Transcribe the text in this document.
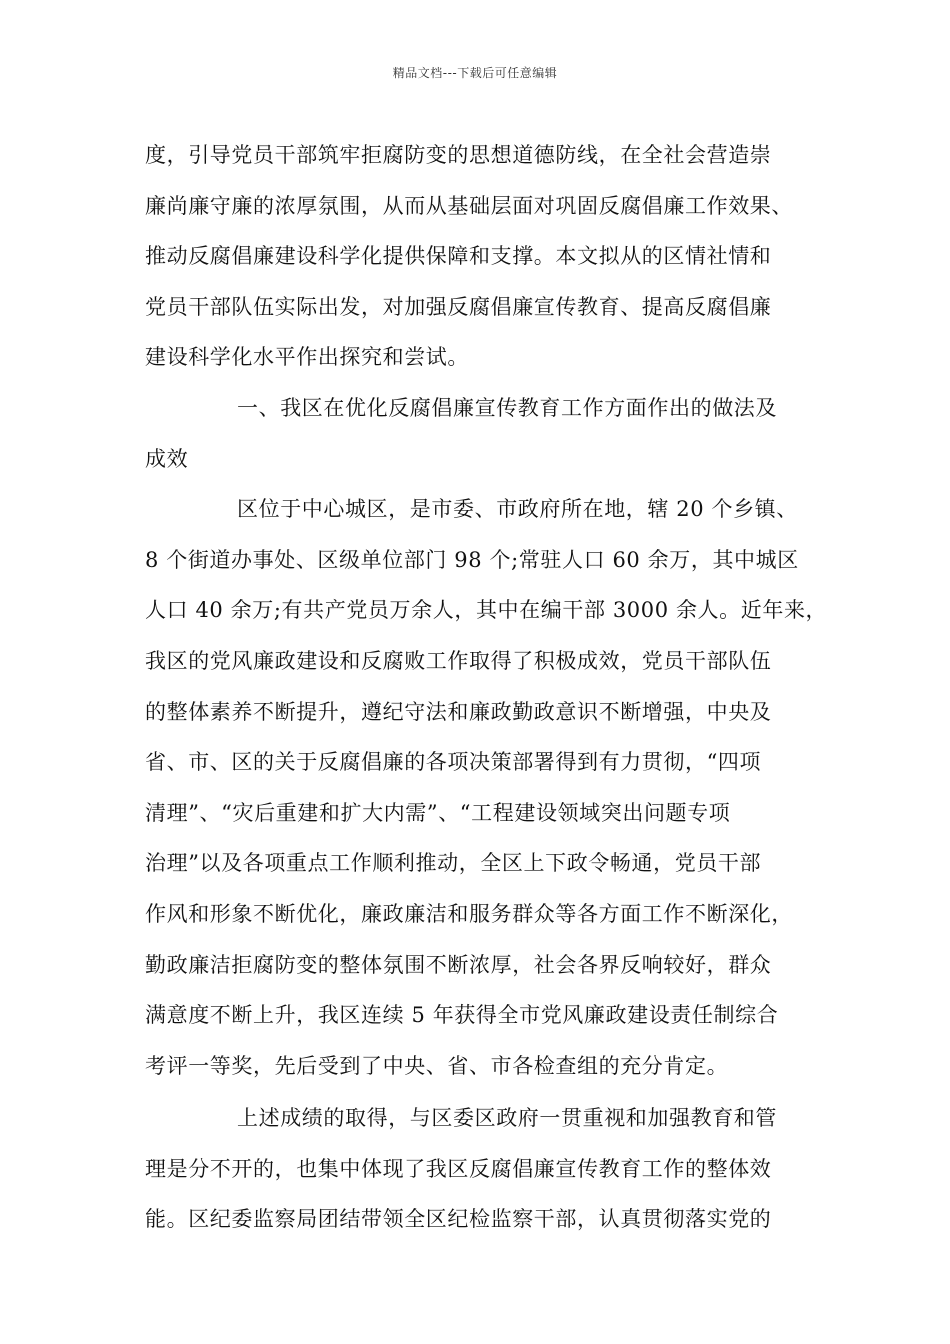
精品文档---下载后可任意编辑
度，引导党员干部筑牢拒腐防变的思想道德防线，在全社会营造崇
廉尚廉守廉的浓厚氛围，从而从基础层面对巩固反腐倡廉工作效果、
推动反腐倡廉建设科学化提供保障和支撑。本文拟从的区情社情和
党员干部队伍实际出发，对加强反腐倡廉宣传教育、提高反腐倡廉
建设科学化水平作出探究和尝试。
一、我区在优化反腐倡廉宣传教育工作方面作出的做法及
成效
区位于中心城区，是市委、市政府所在地，辖 20 个乡镇、
8 个街道办事处、区级单位部门 98 个;常驻人口 60 余万，其中城区
人口 40 余万;有共产党员万余人，其中在编干部 3000 余人。近年来，
我区的党风廉政建设和反腐败工作取得了积极成效，党员干部队伍
的整体素养不断提升，遵纪守法和廉政勤政意识不断增强，中央及
省、市、区的关于反腐倡廉的各项决策部署得到有力贯彻，“四项
清理”、“灾后重建和扩大内需”、“工程建设领域突出问题专项
治理”以及各项重点工作顺利推动，全区上下政令畅通，党员干部
作风和形象不断优化，廉政廉洁和服务群众等各方面工作不断深化，
勤政廉洁拒腐防变的整体氛围不断浓厚，社会各界反响较好，群众
满意度不断上升，我区连续 5 年获得全市党风廉政建设责任制综合
考评一等奖，先后受到了中央、省、市各检查组的充分肯定。
上述成绩的取得，与区委区政府一贯重视和加强教育和管
理是分不开的，也集中体现了我区反腐倡廉宣传教育工作的整体效
能。区纪委监察局团结带领全区纪检监察干部，认真贯彻落实党的
